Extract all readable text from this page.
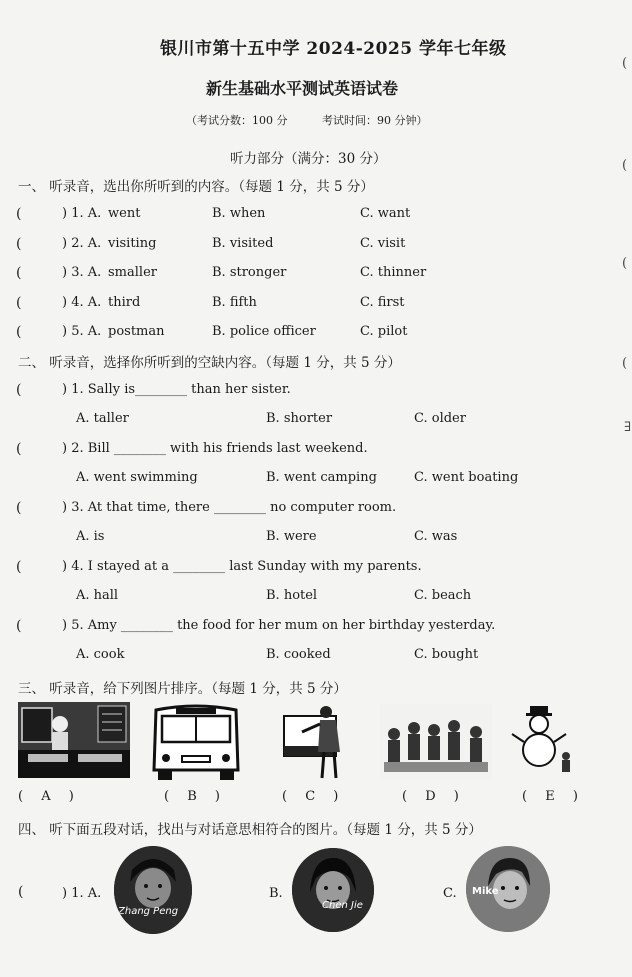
银川市第十五中学 2024-2025 学年七年级
新生基础水平测试英语试卷
（考试分数：100 分	考试时间：90 分钟）
听力部分（满分：30 分）
(
(
(
(
∃
一、 听录音，选出你所听到的内容。（每题 1 分，共 5 分）
(	) 1. A. went	B. when	C. want
(	) 2. A. visiting	B. visited	C. visit
(	) 3. A. smaller	B. stronger	C. thinner
(	) 4. A. third	B. fifth	C. first
(	) 5. A. postman	B. police officer	C. pilot
二、 听录音，选择你所听到的空缺内容。（每题 1 分，共 5 分）
(	) 1. Sally is________ than her sister.
A. taller	B. shorter	C. older
(	) 2. Bill ________ with his friends last weekend.
A. went swimming	B. went camping	C. went boating
(	) 3. At that time, there ________ no computer room.
A. is	B. were	C. was
(	) 4. I stayed at a ________ last Sunday with my parents.
A. hall	B. hotel	C. beach
(	) 5. Amy ________ the food for her mum on her birthday yesterday.
A. cook	B. cooked	C. bought
三、 听录音，给下列图片排序。（每题 1 分，共 5 分）
( A )	( B )	( C )	( D )	( E )
四、 听下面五段对话，找出与对话意思相符合的图片。（每题 1 分，共 5 分）
(	) 1. A.
Zhang Peng
B.
Chen Jie
C. Mike
